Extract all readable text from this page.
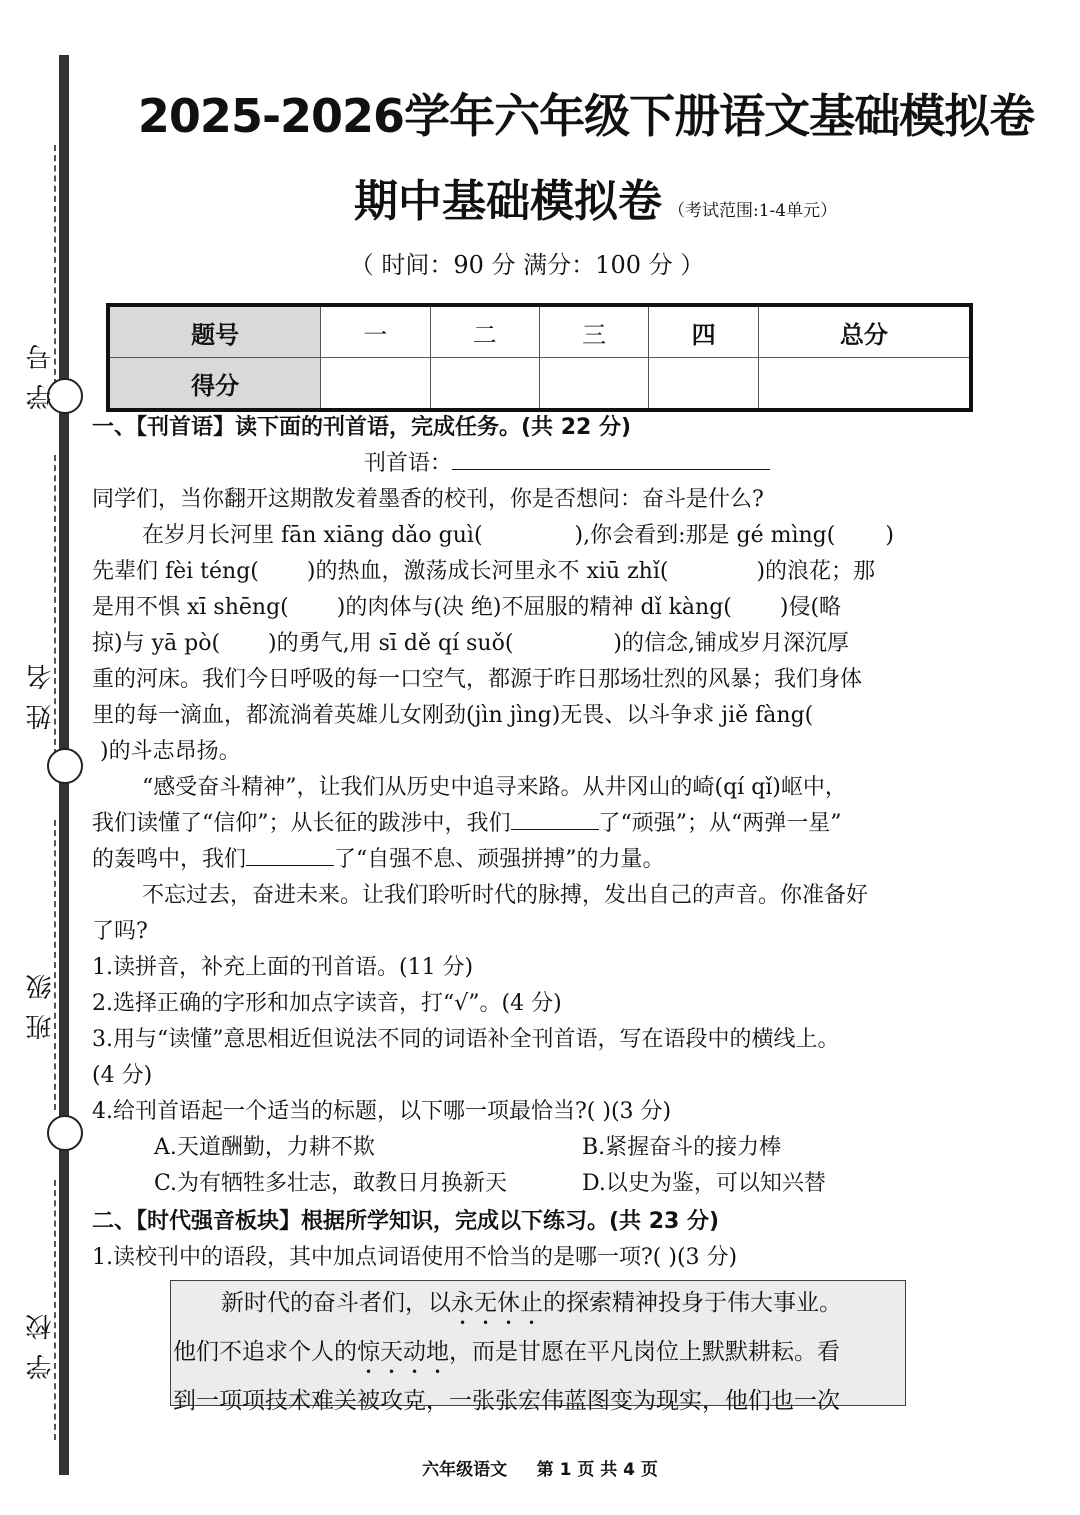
学号
姓名
班级
学校
2025-2026学年六年级下册语文基础模拟卷
期中基础模拟卷 （考试范围:1-4单元）
（ 时间：90 分 满分：100 分 ）
题号	一	二	三	四	总分
得分					
一、【刊首语】读下面的刊首语，完成任务。(共 22 分)
刊首语：
同学们，当你翻开这期散发着墨香的校刊，你是否想问：奋斗是什么?
在岁月长河里 fān xiāng dǎo guì(	),你会看到:那是 gé mìng( )
先辈们 fèi téng( )的热血，激荡成长河里永不 xiū zhǐ(	)的浪花；那
是用不惧 xī shēng( )的肉体与(决 绝)不屈服的精神 dǐ kàng( )侵(略
掠)与 yā pò( )的勇气,用 sī dě qí suǒ(	)的信念,铺成岁月深沉厚
重的河床。我们今日呼吸的每一口空气，都源于昨日那场壮烈的风暴；我们身体
里的每一滴血，都流淌着英雄儿女刚劲(jìn jìng)无畏、以斗争求 jiě fàng(
)的斗志昂扬。
“感受奋斗精神”，让我们从历史中追寻来路。从井冈山的崎(qí qǐ)岖中，
我们读懂了“信仰”；从长征的跋涉中，我们	了“顽强”；从“两弹一星”
的轰鸣中，我们	了“自强不息、顽强拼搏”的力量。
不忘过去，奋进未来。让我们聆听时代的脉搏，发出自己的声音。你准备好
了吗?
1.读拼音，补充上面的刊首语。(11 分)
2.选择正确的字形和加点字读音，打“√”。(4 分)
3.用与“读懂”意思相近但说法不同的词语补全刊首语，写在语段中的横线上。
(4 分)
4.给刊首语起一个适当的标题，以下哪一项最恰当?( )(3 分)
A.天道酬勤，力耕不欺	B.紧握奋斗的接力棒
C.为有牺牲多壮志，敢教日月换新天	D.以史为鉴，可以知兴替
二、【时代强音板块】根据所学知识，完成以下练习。(共 23 分)
1.读校刊中的语段，其中加点词语使用不恰当的是哪一项?( )(3 分)
新时代的奋斗者们，以永无休止的探索精神投身于伟大事业。
他们不追求个人的惊天动地，而是甘愿在平凡岗位上默默耕耘。看
到一项项技术难关被攻克，一张张宏伟蓝图变为现实，他们也一次
六年级语文     第 1 页 共 4 页
